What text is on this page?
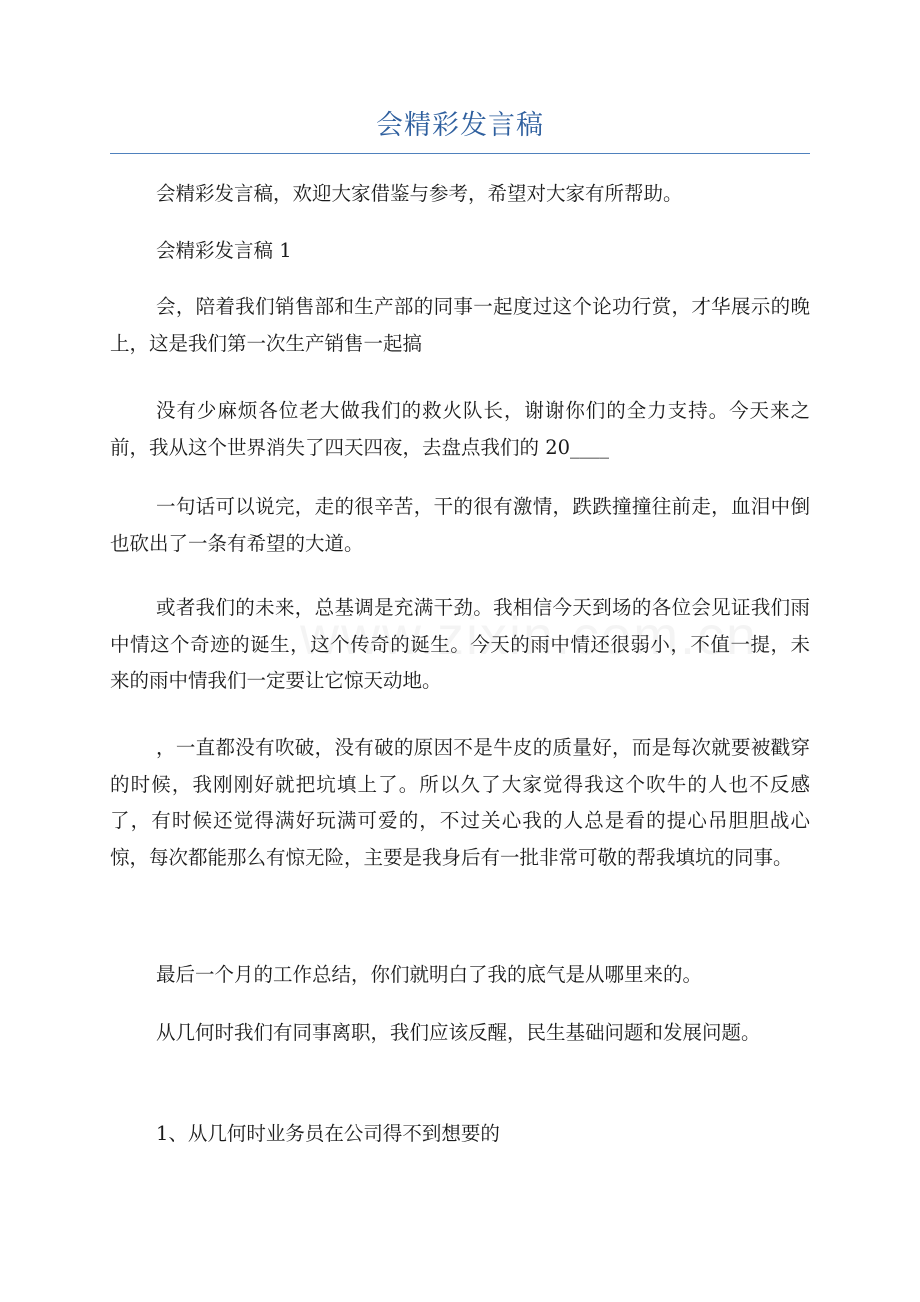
会精彩发言稿

会精彩发言稿，欢迎大家借鉴与参考，希望对大家有所帮助。

会精彩发言稿 1

会，陪着我们销售部和生产部的同事一起度过这个论功行赏，才华展示的晚上，这是我们第一次生产销售一起搞

没有少麻烦各位老大做我们的救火队长，谢谢你们的全力支持。今天来之前，我从这个世界消失了四天四夜，去盘点我们的 20____

一句话可以说完，走的很辛苦，干的很有激情，跌跌撞撞往前走，血泪中倒也砍出了一条有希望的大道。

或者我们的未来，总基调是充满干劲。我相信今天到场的各位会见证我们雨中情这个奇迹的诞生，这个传奇的诞生。今天的雨中情还很弱小，不值一提，未来的雨中情我们一定要让它惊天动地。

，一直都没有吹破，没有破的原因不是牛皮的质量好，而是每次就要被戳穿的时候，我刚刚好就把坑填上了。所以久了大家觉得我这个吹牛的人也不反感了，有时候还觉得满好玩满可爱的，不过关心我的人总是看的提心吊胆胆战心惊，每次都能那么有惊无险，主要是我身后有一批非常可敬的帮我填坑的同事。

最后一个月的工作总结，你们就明白了我的底气是从哪里来的。

从几何时我们有同事离职，我们应该反醒，民生基础问题和发展问题。

1、从几何时业务员在公司得不到想要的
